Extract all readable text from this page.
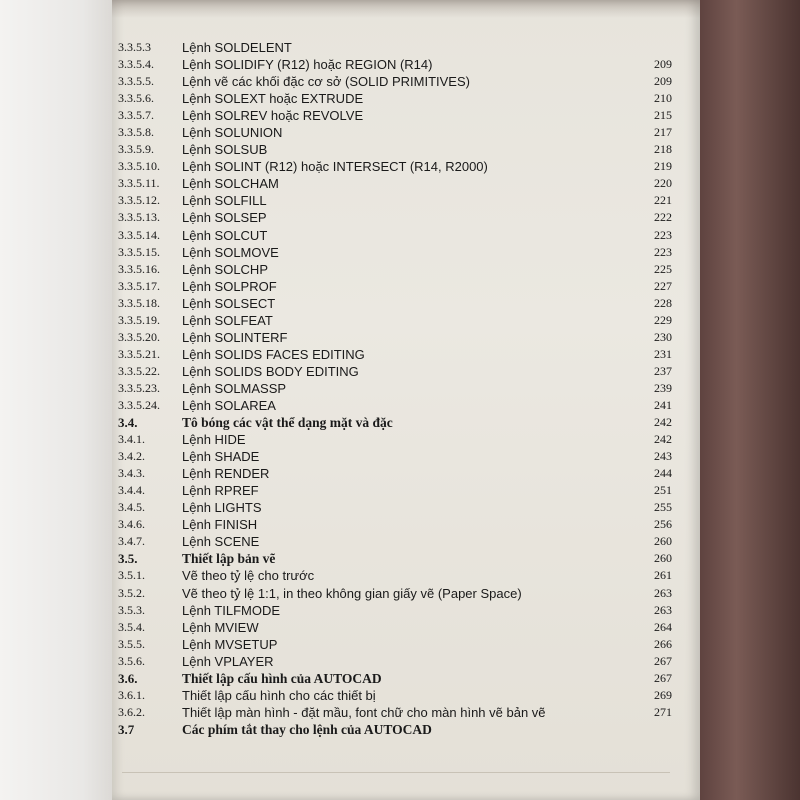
3.3.5.3 Lệnh SOLDELENT
3.3.5.4. Lệnh SOLIDIFY (R12) hoặc REGION (R14)	209
3.3.5.5. Lệnh vẽ các khối đặc cơ sở (SOLID PRIMITIVES)	209
3.3.5.6. Lệnh SOLEXT hoặc EXTRUDE	210
3.3.5.7. Lệnh SOLREV hoặc REVOLVE	215
3.3.5.8. Lệnh SOLUNION	217
3.3.5.9. Lệnh SOLSUB	218
3.3.5.10. Lệnh SOLINT (R12) hoặc INTERSECT (R14, R2000)	219
3.3.5.11. Lệnh SOLCHAM	220
3.3.5.12. Lệnh SOLFILL	221
3.3.5.13. Lệnh SOLSEP	222
3.3.5.14. Lệnh SOLCUT	223
3.3.5.15. Lệnh SOLMOVE	223
3.3.5.16. Lệnh SOLCHP	225
3.3.5.17. Lệnh SOLPROF	227
3.3.5.18. Lệnh SOLSECT	228
3.3.5.19. Lệnh SOLFEAT	229
3.3.5.20. Lệnh SOLINTERF	230
3.3.5.21. Lệnh SOLIDS FACES EDITING	231
3.3.5.22. Lệnh SOLIDS BODY EDITING	237
3.3.5.23. Lệnh SOLMASSP	239
3.3.5.24. Lệnh SOLAREA	241
3.4.	Tô bóng các vật thể dạng mặt và đặc	242
3.4.1.	Lệnh HIDE	242
3.4.2.	Lệnh SHADE	243
3.4.3.	Lệnh RENDER	244
3.4.4.	Lệnh RPREF	251
3.4.5.	Lệnh LIGHTS	255
3.4.6.	Lệnh FINISH	256
3.4.7.	Lệnh SCENE	260
3.5.	Thiết lập bản vẽ	260
3.5.1.	Vẽ theo tỷ lệ cho trước	261
3.5.2.	Vẽ theo tỷ lệ 1:1, in theo không gian giấy vẽ (Paper Space)	263
3.5.3.	Lệnh TILFMODE	263
3.5.4.	Lệnh MVIEW	264
3.5.5.	Lệnh MVSETUP	266
3.5.6.	Lệnh VPLAYER	267
3.6.	Thiết lập cấu hình của AUTOCAD	267
3.6.1.	Thiết lập cấu hình cho các thiết bị	269
3.6.2.	Thiết lập màn hình - đặt mầu, font chữ cho màn hình vẽ bản vẽ	271
3.7	Các phím tắt thay cho lệnh của AUTOCAD
